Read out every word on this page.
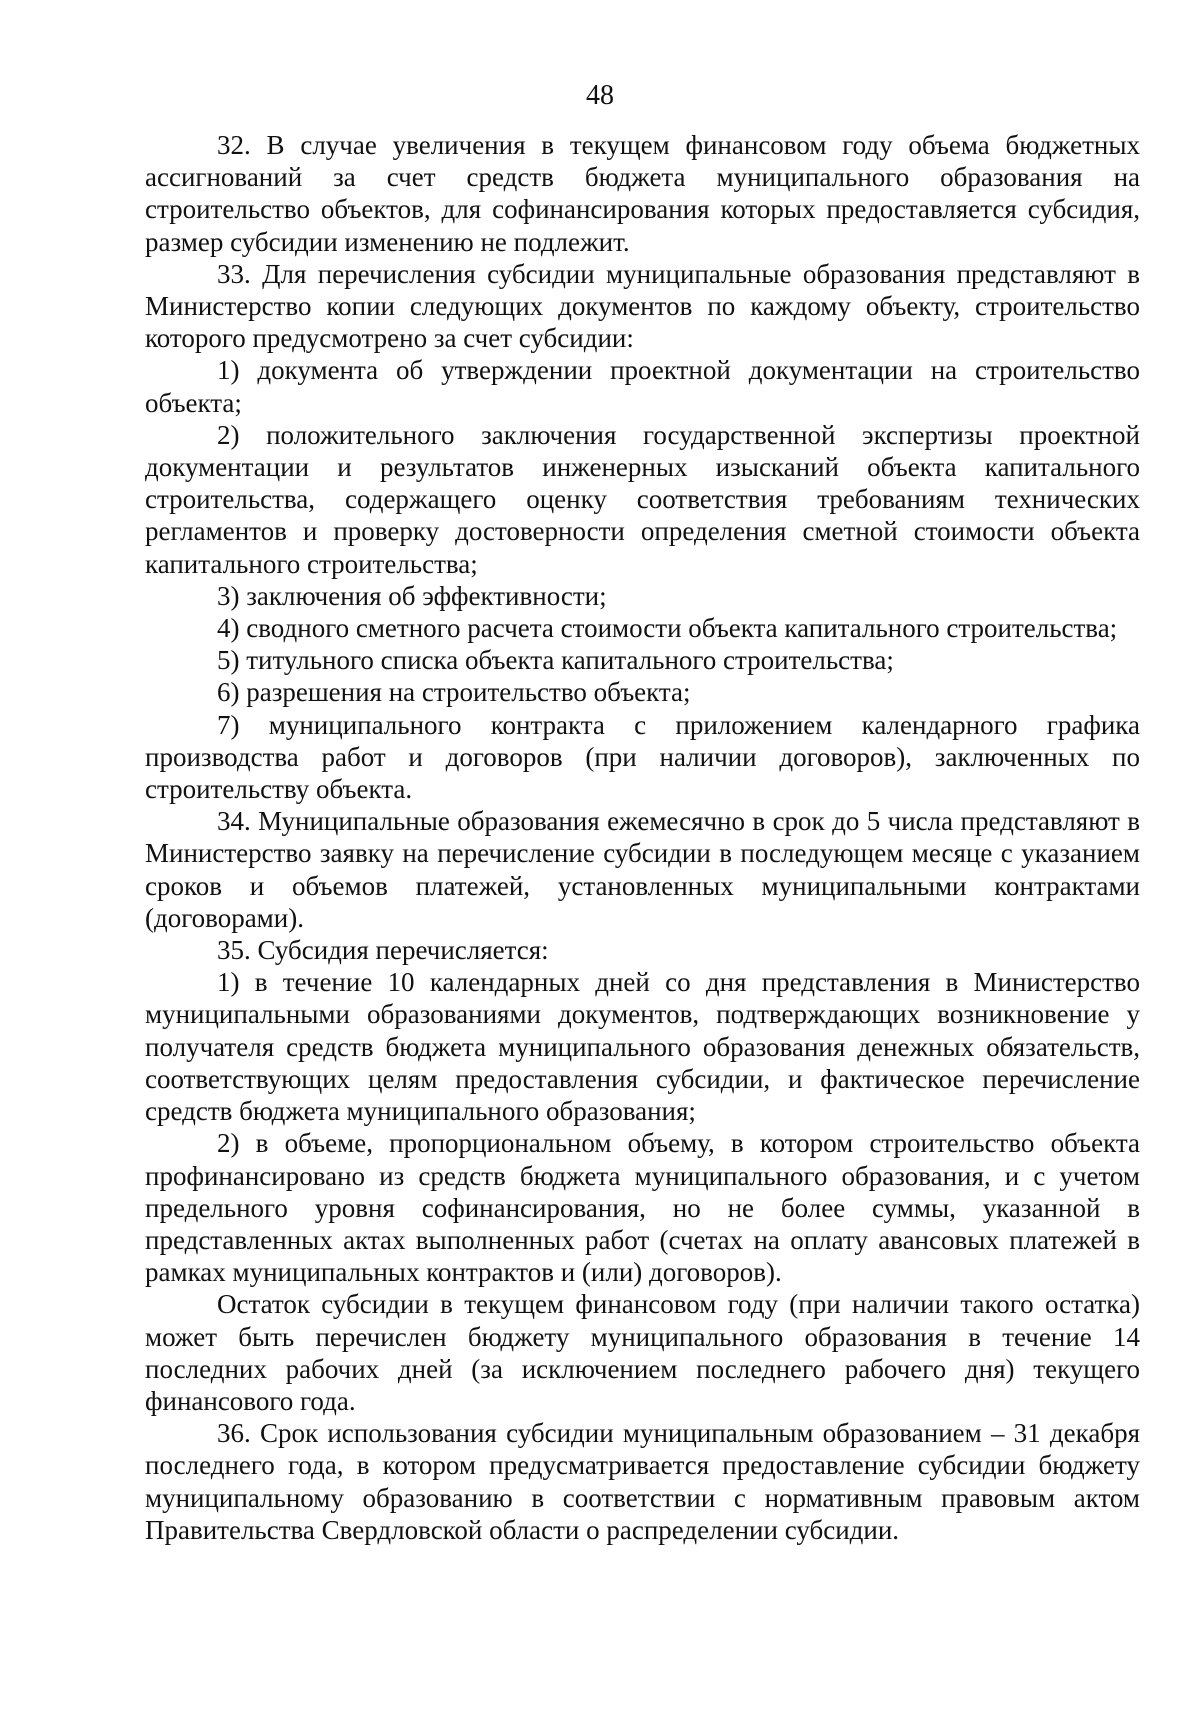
48

32. В случае увеличения в текущем финансовом году объема бюджетных ассигнований за счет средств бюджета муниципального образования на строительство объектов, для софинансирования которых предоставляется субсидия, размер субсидии изменению не подлежит.

33. Для перечисления субсидии муниципальные образования представляют в Министерство копии следующих документов по каждому объекту, строительство которого предусмотрено за счет субсидии:

1) документа об утверждении проектной документации на строительство объекта;

2) положительного заключения государственной экспертизы проектной документации и результатов инженерных изысканий объекта капитального строительства, содержащего оценку соответствия требованиям технических регламентов и проверку достоверности определения сметной стоимости объекта капитального строительства;

3) заключения об эффективности;

4) сводного сметного расчета стоимости объекта капитального строительства;

5) титульного списка объекта капитального строительства;

6) разрешения на строительство объекта;

7) муниципального контракта с приложением календарного графика производства работ и договоров (при наличии договоров), заключенных по строительству объекта.

34. Муниципальные образования ежемесячно в срок до 5 числа представляют в Министерство заявку на перечисление субсидии в последующем месяце с указанием сроков и объемов платежей, установленных муниципальными контрактами (договорами).

35. Субсидия перечисляется:

1) в течение 10 календарных дней со дня представления в Министерство муниципальными образованиями документов, подтверждающих возникновение у получателя средств бюджета муниципального образования денежных обязательств, соответствующих целям предоставления субсидии, и фактическое перечисление средств бюджета муниципального образования;

2) в объеме, пропорциональном объему, в котором строительство объекта профинансировано из средств бюджета муниципального образования, и с учетом предельного уровня софинансирования, но не более суммы, указанной в представленных актах выполненных работ (счетах на оплату авансовых платежей в рамках муниципальных контрактов и (или) договоров).

Остаток субсидии в текущем финансовом году (при наличии такого остатка) может быть перечислен бюджету муниципального образования в течение 14 последних рабочих дней (за исключением последнего рабочего дня) текущего финансового года.

36. Срок использования субсидии муниципальным образованием – 31 декабря последнего года, в котором предусматривается предоставление субсидии бюджету муниципальному образованию в соответствии с нормативным правовым актом Правительства Свердловской области о распределении субсидии.
